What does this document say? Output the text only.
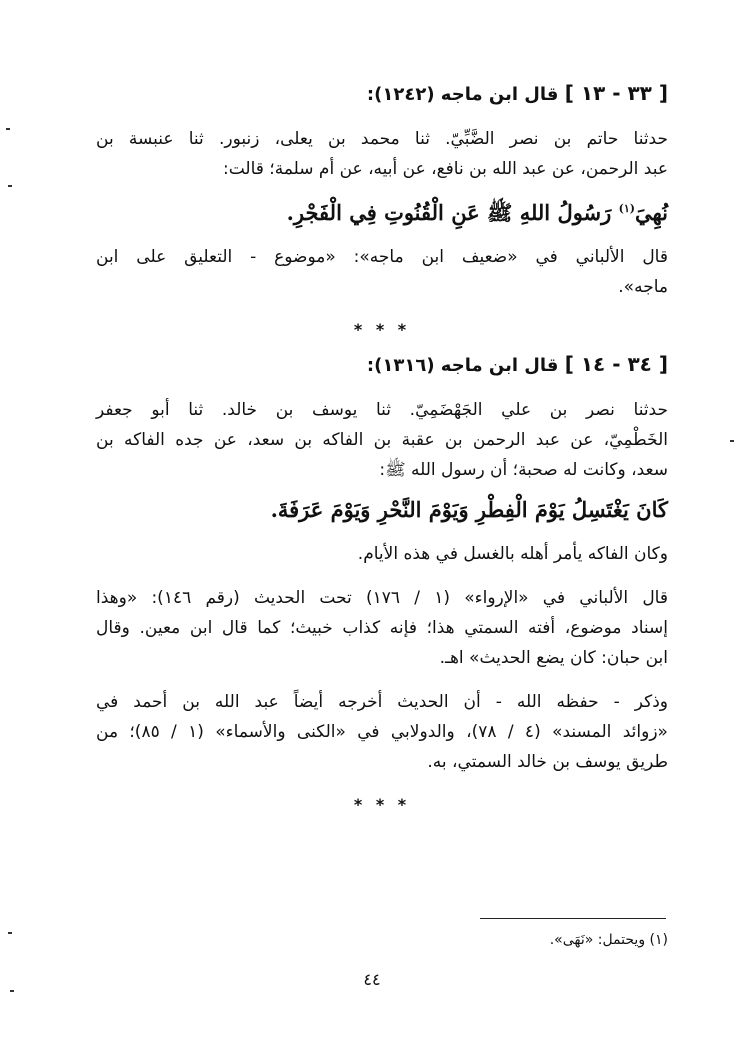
[ ٣٣ - ١٣ ] قال ابن ماجه (١٢٤٢):

حدثنا حاتم بن نصر الضَّبِّيّ. ثنا محمد بن يعلى، زنبور. ثنا عنبسة بن

عبد الرحمن، عن عبد الله بن نافع، عن أبيه، عن أم سلمة؛ قالت:

نُهِيَ$^{(١)}$ رَسُولُ اللهِ ﷺ عَنِ الْقُنُوتِ فِي الْفَجْرِ.

قال الألباني في «ضعيف ابن ماجه»: «موضوع - التعليق على ابن

ماجه».

* * *
[ ٣٤ - ١٤ ] قال ابن ماجه (١٣١٦):

حدثنا نصر بن علي الجَهْضَمِيّ. ثنا يوسف بن خالد. ثنا أبو جعفر

الخَطْمِيّ، عن عبد الرحمن بن عقبة بن الفاكه بن سعد، عن جده الفاكه بن

سعد، وكانت له صحبة؛ أن رسول الله ﷺ:

كَانَ يَغْتَسِلُ يَوْمَ الْفِطْرِ وَيَوْمَ النَّحْرِ وَيَوْمَ عَرَفَةَ.

وكان الفاكه يأمر أهله بالغسل في هذه الأيام.

قال الألباني في «الإرواء» (١ / ١٧٦) تحت الحديث (رقم ١٤٦): «وهذا

إسناد موضوع، أفته السمتي هذا؛ فإنه كذاب خبيث؛ كما قال ابن معين. وقال

ابن حبان: كان يضع الحديث» اهـ.

وذكر - حفظه الله - أن الحديث أخرجه أيضاً عبد الله بن أحمد في

«زوائد المسند» (٤ / ٧٨)، والدولابي في «الكنى والأسماء» (١ / ٨٥)؛ من

طريق يوسف بن خالد السمتي، به.

* * *
(١) ويحتمل: «نَهَى».
٤٤
